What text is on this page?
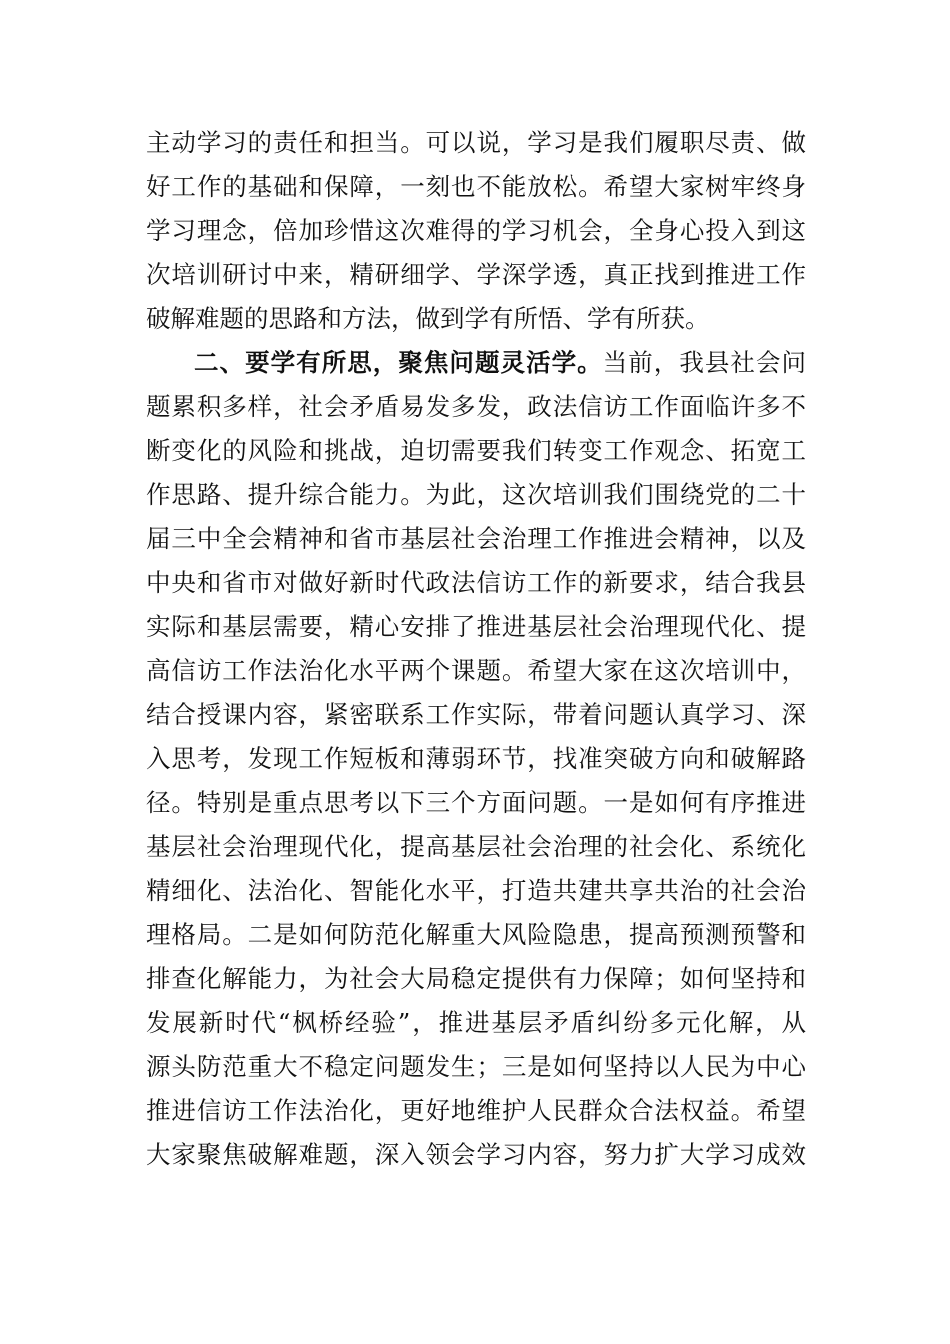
主动学习的责任和担当。可以说，学习是我们履职尽责、做
好工作的基础和保障，一刻也不能放松。希望大家树牢终身
学习理念，倍加珍惜这次难得的学习机会，全身心投入到这
次培训研讨中来，精研细学、学深学透，真正找到推进工作
破解难题的思路和方法，做到学有所悟、学有所获。
二、要学有所思，聚焦问题灵活学。当前，我县社会问
题累积多样，社会矛盾易发多发，政法信访工作面临许多不
断变化的风险和挑战，迫切需要我们转变工作观念、拓宽工
作思路、提升综合能力。为此，这次培训我们围绕党的二十
届三中全会精神和省市基层社会治理工作推进会精神，以及
中央和省市对做好新时代政法信访工作的新要求，结合我县
实际和基层需要，精心安排了推进基层社会治理现代化、提
高信访工作法治化水平两个课题。希望大家在这次培训中，
结合授课内容，紧密联系工作实际，带着问题认真学习、深
入思考，发现工作短板和薄弱环节，找准突破方向和破解路
径。特别是重点思考以下三个方面问题。一是如何有序推进
基层社会治理现代化，提高基层社会治理的社会化、系统化
精细化、法治化、智能化水平，打造共建共享共治的社会治
理格局。二是如何防范化解重大风险隐患，提高预测预警和
排查化解能力，为社会大局稳定提供有力保障；如何坚持和
发展新时代“枫桥经验”，推进基层矛盾纠纷多元化解，从
源头防范重大不稳定问题发生；三是如何坚持以人民为中心
推进信访工作法治化，更好地维护人民群众合法权益。希望
大家聚焦破解难题，深入领会学习内容，努力扩大学习成效
